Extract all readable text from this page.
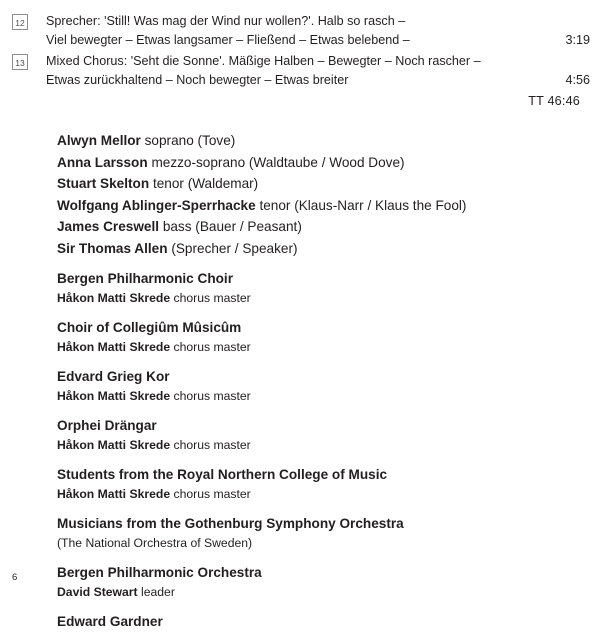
12 Sprecher: 'Still! Was mag der Wind nur wollen?'. Halb so rasch –
Viel bewegter – Etwas langsamer – Fließend – Etwas belebend –	3:19
13 Mixed Chorus: 'Seht die Sonne'. Mäßige Halben – Bewegter – Noch rascher –
Etwas zurückhaltend – Noch bewegter – Etwas breiter	4:56
TT 46:46
Alwyn Mellor soprano (Tove)
Anna Larsson mezzo-soprano (Waldtaube / Wood Dove)
Stuart Skelton tenor (Waldemar)
Wolfgang Ablinger-Sperrhacke tenor (Klaus-Narr / Klaus the Fool)
James Creswell bass (Bauer / Peasant)
Sir Thomas Allen (Sprecher / Speaker)
Bergen Philharmonic Choir
Håkon Matti Skrede chorus master
Choir of Collegiûm Mûsicûm
Håkon Matti Skrede chorus master
Edvard Grieg Kor
Håkon Matti Skrede chorus master
Orphei Drängar
Håkon Matti Skrede chorus master
Students from the Royal Northern College of Music
Håkon Matti Skrede chorus master
Musicians from the Gothenburg Symphony Orchestra
(The National Orchestra of Sweden)
Bergen Philharmonic Orchestra
David Stewart leader
Edward Gardner
6
